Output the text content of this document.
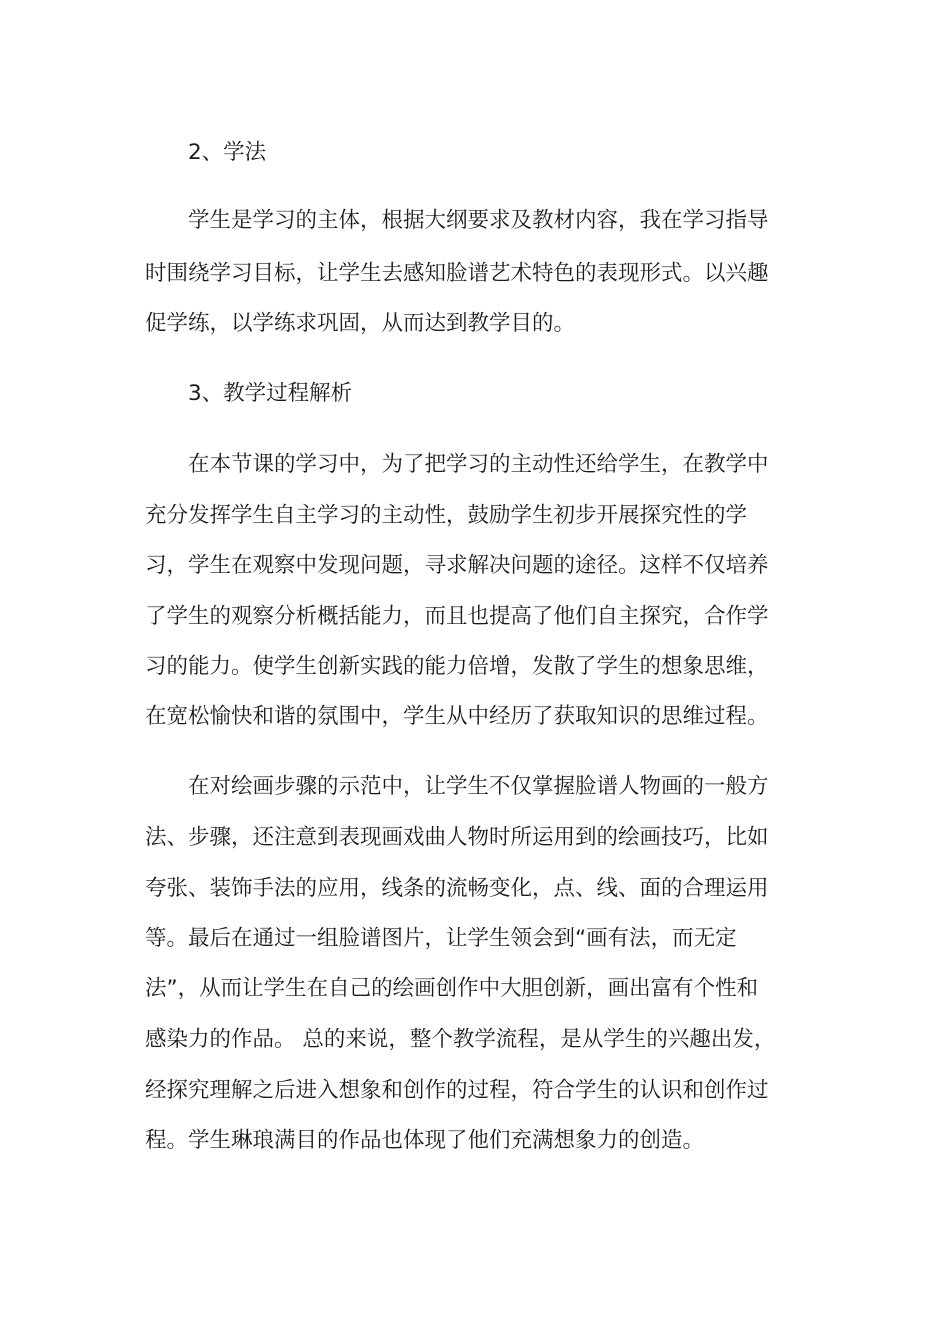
2、学法
学生是学习的主体，根据大纲要求及教材内容，我在学习指导
时围绕学习目标，让学生去感知脸谱艺术特色的表现形式。以兴趣
促学练，以学练求巩固，从而达到教学目的。
3、教学过程解析
在本节课的学习中，为了把学习的主动性还给学生，在教学中
充分发挥学生自主学习的主动性，鼓励学生初步开展探究性的学
习，学生在观察中发现问题，寻求解决问题的途径。这样不仅培养
了学生的观察分析概括能力，而且也提高了他们自主探究，合作学
习的能力。使学生创新实践的能力倍增，发散了学生的想象思维，
在宽松愉快和谐的氛围中，学生从中经历了获取知识的思维过程。
在对绘画步骤的示范中，让学生不仅掌握脸谱人物画的一般方
法、步骤，还注意到表现画戏曲人物时所运用到的绘画技巧，比如
夸张、装饰手法的应用，线条的流畅变化，点、线、面的合理运用
等。最后在通过一组脸谱图片，让学生领会到“画有法，而无定
法”，从而让学生在自己的绘画创作中大胆创新，画出富有个性和
感染力的作品。 总的来说，整个教学流程，是从学生的兴趣出发，
经探究理解之后进入想象和创作的过程，符合学生的认识和创作过
程。学生琳琅满目的作品也体现了他们充满想象力的创造。
